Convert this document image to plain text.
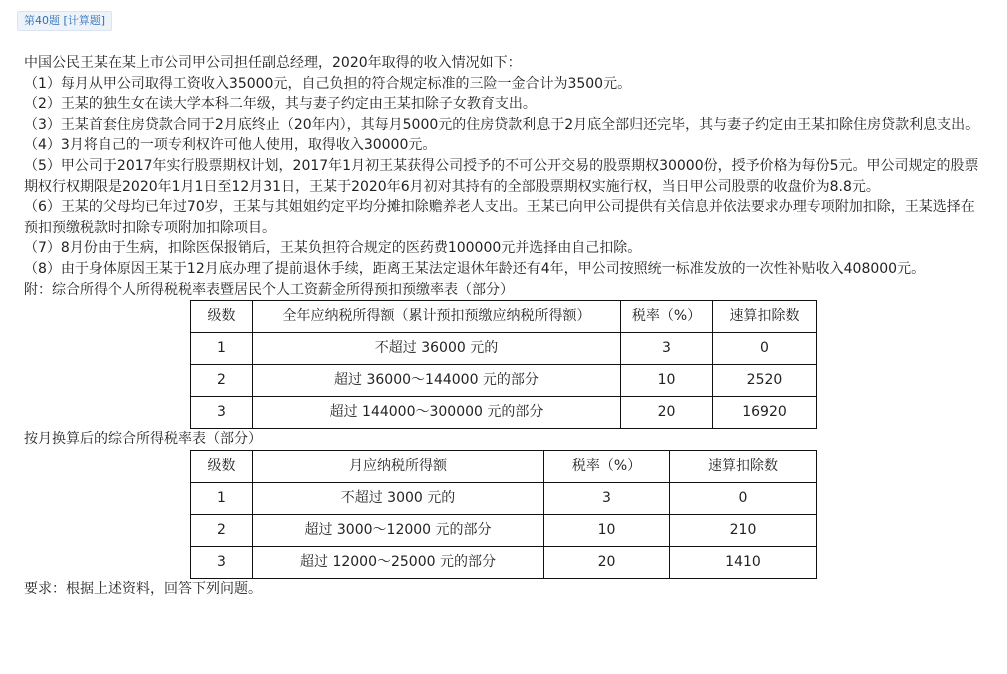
第40题 [计算题]

中国公民王某在某上市公司甲公司担任副总经理，2020年取得的收入情况如下：

（1）每月从甲公司取得工资收入35000元，自己负担的符合规定标准的三险一金合计为3500元。

（2）王某的独生女在读大学本科二年级，其与妻子约定由王某扣除子女教育支出。

（3）王某首套住房贷款合同于2月底终止（20年内），其每月5000元的住房贷款利息于2月底全部归还完毕，其与妻子约定由王某扣除住房贷款利息支出。

（4）3月将自己的一项专利权许可他人使用，取得收入30000元。

（5）甲公司于2017年实行股票期权计划，2017年1月初王某获得公司授予的不可公开交易的股票期权30000份，授予价格为每份5元。甲公司规定的股票期权行权期限是2020年1月1日至12月31日，王某于2020年6月初对其持有的全部股票期权实施行权，当日甲公司股票的收盘价为8.8元。

（6）王某的父母均已年过70岁，王某与其姐姐约定平均分摊扣除赡养老人支出。王某已向甲公司提供有关信息并依法要求办理专项附加扣除，王某选择在预扣预缴税款时扣除专项附加扣除项目。

（7）8月份由于生病，扣除医保报销后，王某负担符合规定的医药费100000元并选择由自己扣除。

（8）由于身体原因王某于12月底办理了提前退休手续，距离王某法定退休年龄还有4年，甲公司按照统一标准发放的一次性补贴收入408000元。

附：综合所得个人所得税税率表暨居民个人工资薪金所得预扣预缴率表（部分）

级数	全年应纳税所得额（累计预扣预缴应纳税所得额）	税率（%）	速算扣除数
1	不超过 36000 元的	3	0
2	超过 36000～144000 元的部分	10	2520
3	超过 144000～300000 元的部分	20	16920

按月换算后的综合所得税率表（部分）

级数	月应纳税所得额	税率（%）	速算扣除数
1	不超过 3000 元的	3	0
2	超过 3000～12000 元的部分	10	210
3	超过 12000～25000 元的部分	20	1410

要求：根据上述资料，回答下列问题。
